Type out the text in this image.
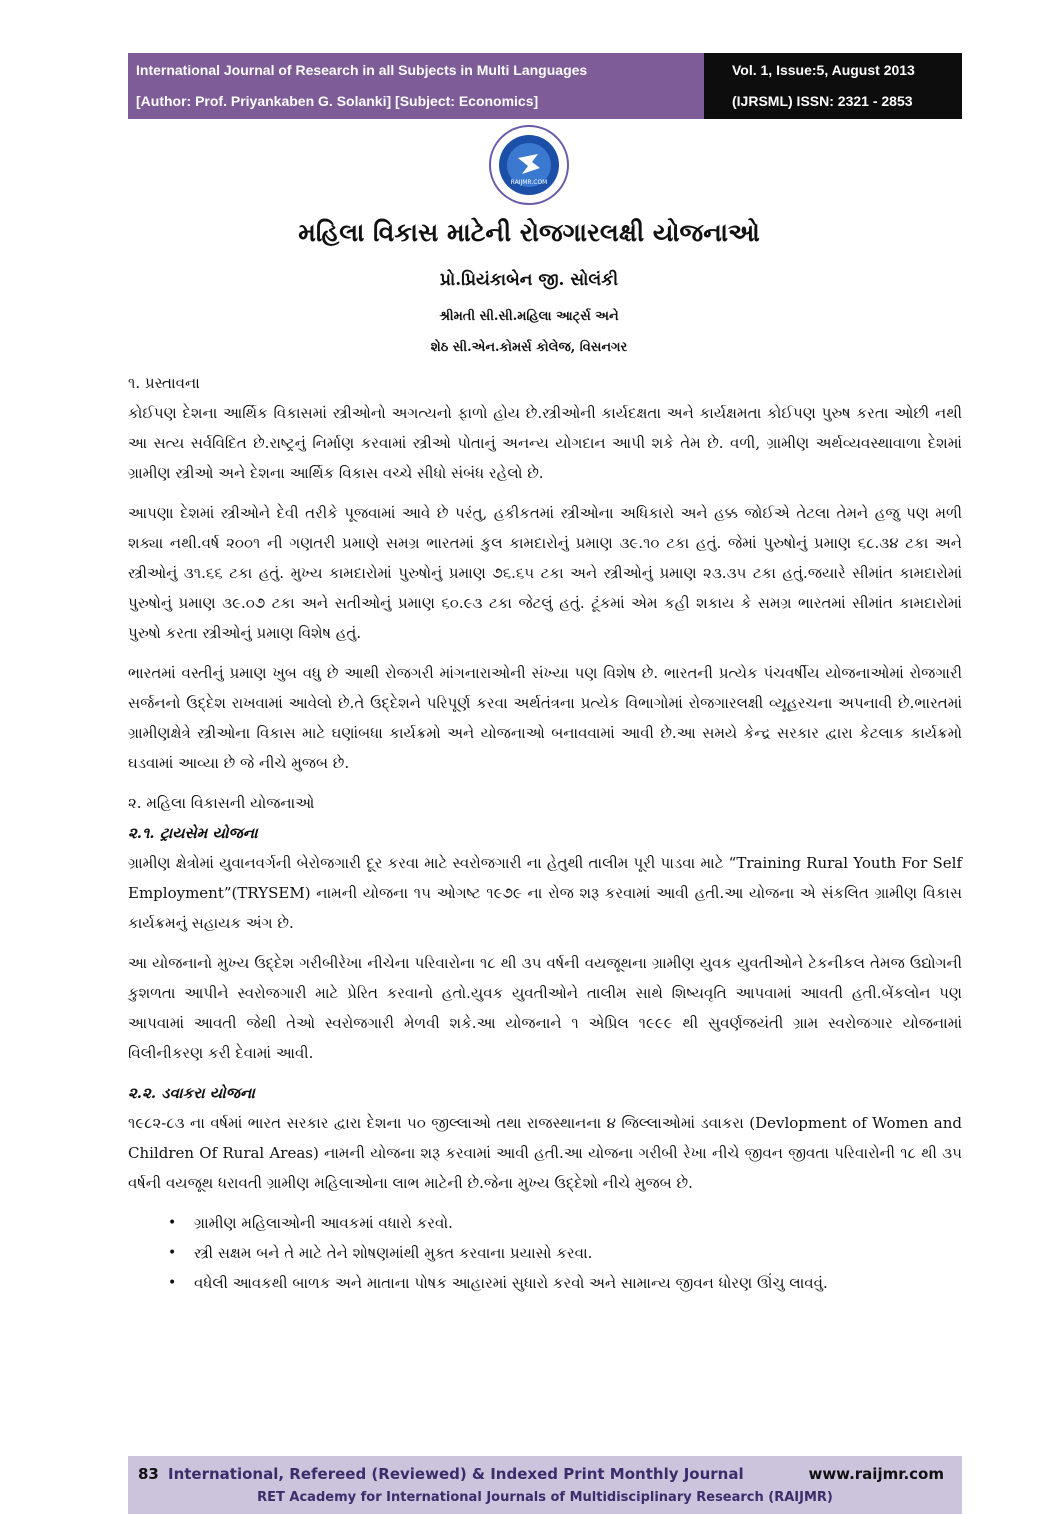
International Journal of Research in all Subjects in Multi Languages
[Author: Prof. Priyankaben G. Solanki] [Subject: Economics]
Vol. 1, Issue:5, August 2013
(IJRSML) ISSN: 2321 - 2853
RAIJMR.COM
મહિલા વિકાસ માટેની રોજગારલક્ષી યોજનાઓ
પ્રો.પ્રિયંકાબેન જી. સોલંકી
શ્રીમતી સી.સી.મહિલા આર્ટ્સ અને
શેઠ સી.એન.કોમર્સ કોલેજ, વિસનગર
૧. પ્રસ્તાવના

કોઈપણ દેશના આર્થિક વિકાસમાં સ્ત્રીઓનો અગત્યનો ફાળો હોય છે.સ્ત્રીઓની કાર્યદક્ષતા અને કાર્યક્ષમતા કોઈપણ પુરુષ કરતા ઓછી નથી આ સત્ય સર્વવિદિત છે.રાષ્ટ્રનું નિર્માણ કરવામાં સ્ત્રીઓ પોતાનું અનન્ય યોગદાન આપી શકે તેમ છે. વળી, ગ્રામીણ અર્થવ્યવસ્થાવાળા દેશમાં ગ્રામીણ સ્ત્રીઓ અને દેશના આર્થિક વિકાસ વચ્ચે સીધો સંબંધ રહેલો છે.

આપણા દેશમાં સ્ત્રીઓને દેવી તરીકે પૂજવામાં આવે છે પરંતુ, હકીકતમાં સ્ત્રીઓના અધિકારો અને હક્ક જોઈએ તેટલા તેમને હજુ પણ મળી શક્યા નથી.વર્ષ ૨૦૦૧ ની ગણતરી પ્રમાણે સમગ્ર ભારતમાં કુલ કામદારોનું પ્રમાણ ૩૯.૧૦ ટકા હતું. જેમાં પુરુષોનું પ્રમાણ ૬૮.૩૪ ટકા અને સ્ત્રીઓનું ૩૧.૬૬ ટકા હતું. મુખ્ય કામદારોમાં પુરુષોનું પ્રમાણ ૭૬.૬૫ ટકા અને સ્ત્રીઓનું પ્રમાણ ૨૩.૩૫ ટકા હતું.જયારે સીમાંત કામદારોમાં પુરુષોનું પ્રમાણ ૩૯.૦૭ ટકા અને સતીઓનું પ્રમાણ ૬૦.૯૩ ટકા જેટલું હતું. ટૂંકમાં એમ કહી શકાય કે સમગ્ર ભારતમાં સીમાંત કામદારોમાં પુરુષો કરતા સ્ત્રીઓનું પ્રમાણ વિશેષ હતું.

ભારતમાં વસ્તીનું પ્રમાણ ખુબ વધુ છે આથી રોજગરી માંગનારાઓની સંખ્યા પણ વિશેષ છે. ભારતની પ્રત્યેક પંચવર્ષીય યોજનાઓમાં રોજગારી સર્જનનો ઉદ્દેશ રાખવામાં આવેલો છે.તે ઉદ્દેશને પરિપૂર્ણ કરવા અર્થતંત્રના પ્રત્યેક વિભાગોમાં રોજગારલક્ષી વ્યૂહરચના અપનાવી છે.ભારતમાં ગ્રામીણક્ષેત્રે સ્ત્રીઓના વિકાસ માટે ઘણાંબધા કાર્યક્રમો અને યોજનાઓ બનાવવામાં આવી છે.આ સમયે કેન્દ્ર સરકાર દ્વારા કેટલાક કાર્યક્રમો ઘડવામાં આવ્યા છે જે નીચે મુજબ છે.

૨. મહિલા વિકાસની યોજનાઓ
૨.૧. ટ્રાયસેમ યોજના

ગ્રામીણ ક્ષેત્રોમાં યુવાનવર્ગની બેરોજગારી દૂર કરવા માટે સ્વરોજગારી ના હેતુથી તાલીમ પૂરી પાડવા માટે “Training Rural Youth For Self Employment”(TRYSEM) નામની યોજના ૧૫ ઓગષ્ટ ૧૯૭૯ ના રોજ શરૂ કરવામાં આવી હતી.આ યોજના એ સંકલિત ગ્રામીણ વિકાસ કાર્યક્રમનું સહાયક અંગ છે.

આ યોજનાનો મુખ્ય ઉદ્દેશ ગરીબીરેખા નીચેના પરિવારોના ૧૮ થી ૩૫ વર્ષની વયજૂથના ગ્રામીણ યુવક યુવતીઓને ટેકનીકલ તેમજ ઉદ્યોગની કુશળતા આપીને સ્વરોજગારી માટે પ્રેરિત કરવાનો હતો.યુવક યુવતીઓને તાલીમ સાથે શિષ્યવૃતિ આપવામાં આવતી હતી.બેંકલોન પણ આપવામાં આવતી જેથી તેઓ સ્વરોજગારી મેળવી શકે.આ યોજનાને ૧ એપ્રિલ ૧૯૯૯ થી સુવર્ણજયંતી ગ્રામ સ્વરોજગાર યોજનામાં વિલીનીકરણ કરી દેવામાં આવી.

૨.૨. ડવાકરા યોજના

૧૯૮૨-૮૩ ના વર્ષમાં ભારત સરકાર દ્વારા દેશના ૫૦ જીલ્લાઓ તથા રાજસ્થાનના ૪ જિલ્લાઓમાં ડવાકરા (Devlopment of Women and Children Of Rural Areas) નામની યોજના શરૂ કરવામાં આવી હતી.આ યોજના ગરીબી રેખા નીચે જીવન જીવતા પરિવારોની ૧૮ થી ૩૫ વર્ષની વયજૂથ ધરાવતી ગ્રામીણ મહિલાઓના લાભ માટેની છે.જેના મુખ્ય ઉદ્દેશો નીચે મુજબ છે.

• ગ્રામીણ મહિલાઓની આવકમાં વધારો કરવો.
• સ્ત્રી સક્ષમ બને તે માટે તેને શોષણમાંથી મુક્ત કરવાના પ્રયાસો કરવા.
• વધેલી આવકથી બાળક અને માતાના પોષક આહારમાં સુધારો કરવો અને સામાન્ય જીવન ધોરણ ઊંચુ લાવવું.
83 International, Refereed (Reviewed) & Indexed Print Monthly Journal	www.raijmr.com
RET Academy for International Journals of Multidisciplinary Research (RAIJMR)
